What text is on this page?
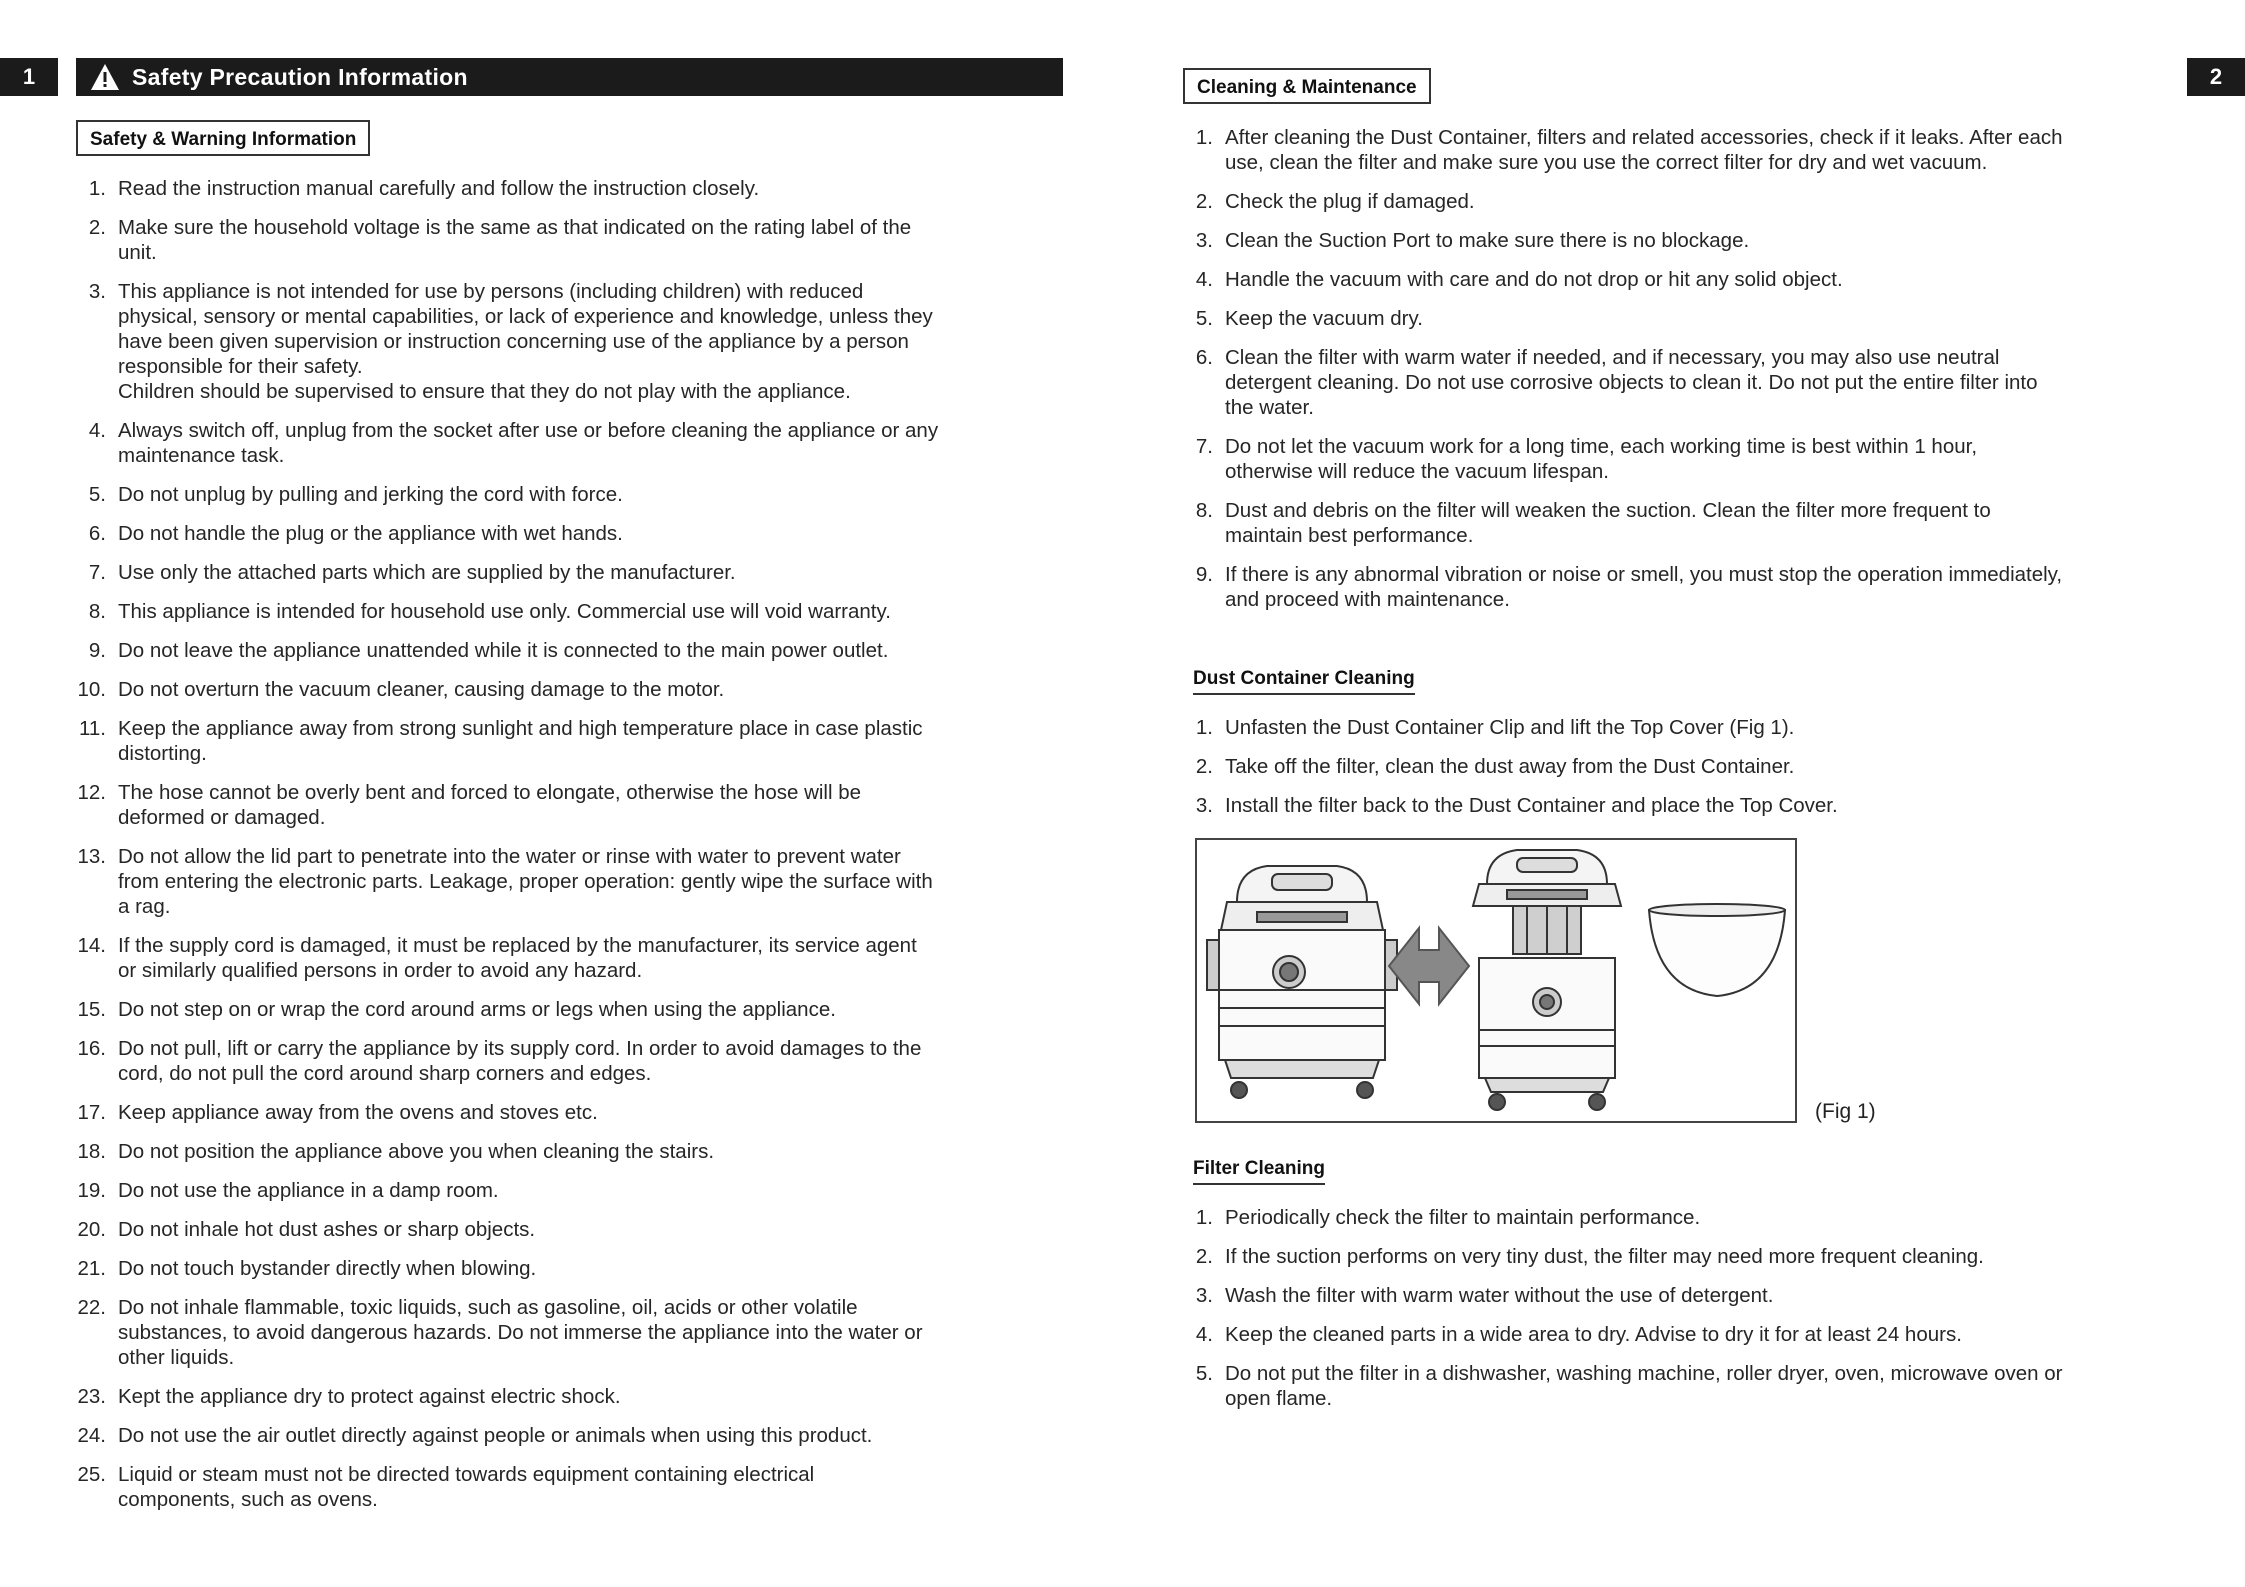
1	Safety Precaution Information
Safety & Warning Information
1. Read the instruction manual carefully and follow the instruction closely.
2. Make sure the household voltage is the same as that indicated on the rating label of the
unit.
3. This appliance is not intended for use by persons (including children) with reduced
physical, sensory or mental capabilities, or lack of experience and knowledge, unless they
have been given supervision or instruction concerning use of the appliance by a person
responsible for their safety.
Children should be supervised to ensure that they do not play with the appliance.
4. Always switch off, unplug from the socket after use or before cleaning the appliance or any
maintenance task.
5. Do not unplug by pulling and jerking the cord with force.
6. Do not handle the plug or the appliance with wet hands.
7. Use only the attached parts which are supplied by the manufacturer.
8. This appliance is intended for household use only. Commercial use will void warranty.
9. Do not leave the appliance unattended while it is connected to the main power outlet.
10. Do not overturn the vacuum cleaner, causing damage to the motor.
11. Keep the appliance away from strong sunlight and high temperature place in case plastic
distorting.
12. The hose cannot be overly bent and forced to elongate, otherwise the hose will be
deformed or damaged.
13. Do not allow the lid part to penetrate into the water or rinse with water to prevent water
from entering the electronic parts. Leakage, proper operation: gently wipe the surface with
a rag.
14. If the supply cord is damaged, it must be replaced by the manufacturer, its service agent
or similarly qualified persons in order to avoid any hazard.
15. Do not step on or wrap the cord around arms or legs when using the appliance.
16. Do not pull, lift or carry the appliance by its supply cord. In order to avoid damages to the
cord, do not pull the cord around sharp corners and edges.
17. Keep appliance away from the ovens and stoves etc.
18. Do not position the appliance above you when cleaning the stairs.
19. Do not use the appliance in a damp room.
20. Do not inhale hot dust ashes or sharp objects.
21. Do not touch bystander directly when blowing.
22. Do not inhale flammable, toxic liquids, such as gasoline, oil, acids or other volatile
substances, to avoid dangerous hazards. Do not immerse the appliance into the water or
other liquids.
23. Kept the appliance dry to protect against electric shock.
24. Do not use the air outlet directly against people or animals when using this product.
25. Liquid or steam must not be directed towards equipment containing electrical
components, such as ovens.
2
Cleaning & Maintenance
1. After cleaning the Dust Container, filters and related accessories, check if it leaks. After each
use, clean the filter and make sure you use the correct filter for dry and wet vacuum.
2. Check the plug if damaged.
3. Clean the Suction Port to make sure there is no blockage.
4. Handle the vacuum with care and do not drop or hit any solid object.
5. Keep the vacuum dry.
6. Clean the filter with warm water if needed, and if necessary, you may also use neutral
detergent cleaning. Do not use corrosive objects to clean it. Do not put the entire filter into
the water.
7. Do not let the vacuum work for a long time, each working time is best within 1 hour,
otherwise will reduce the vacuum lifespan.
8. Dust and debris on the filter will weaken the suction. Clean the filter more frequent to
maintain best performance.
9. If there is any abnormal vibration or noise or smell, you must stop the operation immediately,
and proceed with maintenance.
Dust Container Cleaning
1. Unfasten the Dust Container Clip and lift the Top Cover (Fig 1).
2. Take off the filter, clean the dust away from the Dust Container.
3. Install the filter back to the Dust Container and place the Top Cover.
(Fig 1)
Filter Cleaning
1. Periodically check the filter to maintain performance.
2. If the suction performs on very tiny dust, the filter may need more frequent cleaning.
3. Wash the filter with warm water without the use of detergent.
4. Keep the cleaned parts in a wide area to dry. Advise to dry it for at least 24 hours.
5. Do not put the filter in a dishwasher, washing machine, roller dryer, oven, microwave oven or
open flame.
